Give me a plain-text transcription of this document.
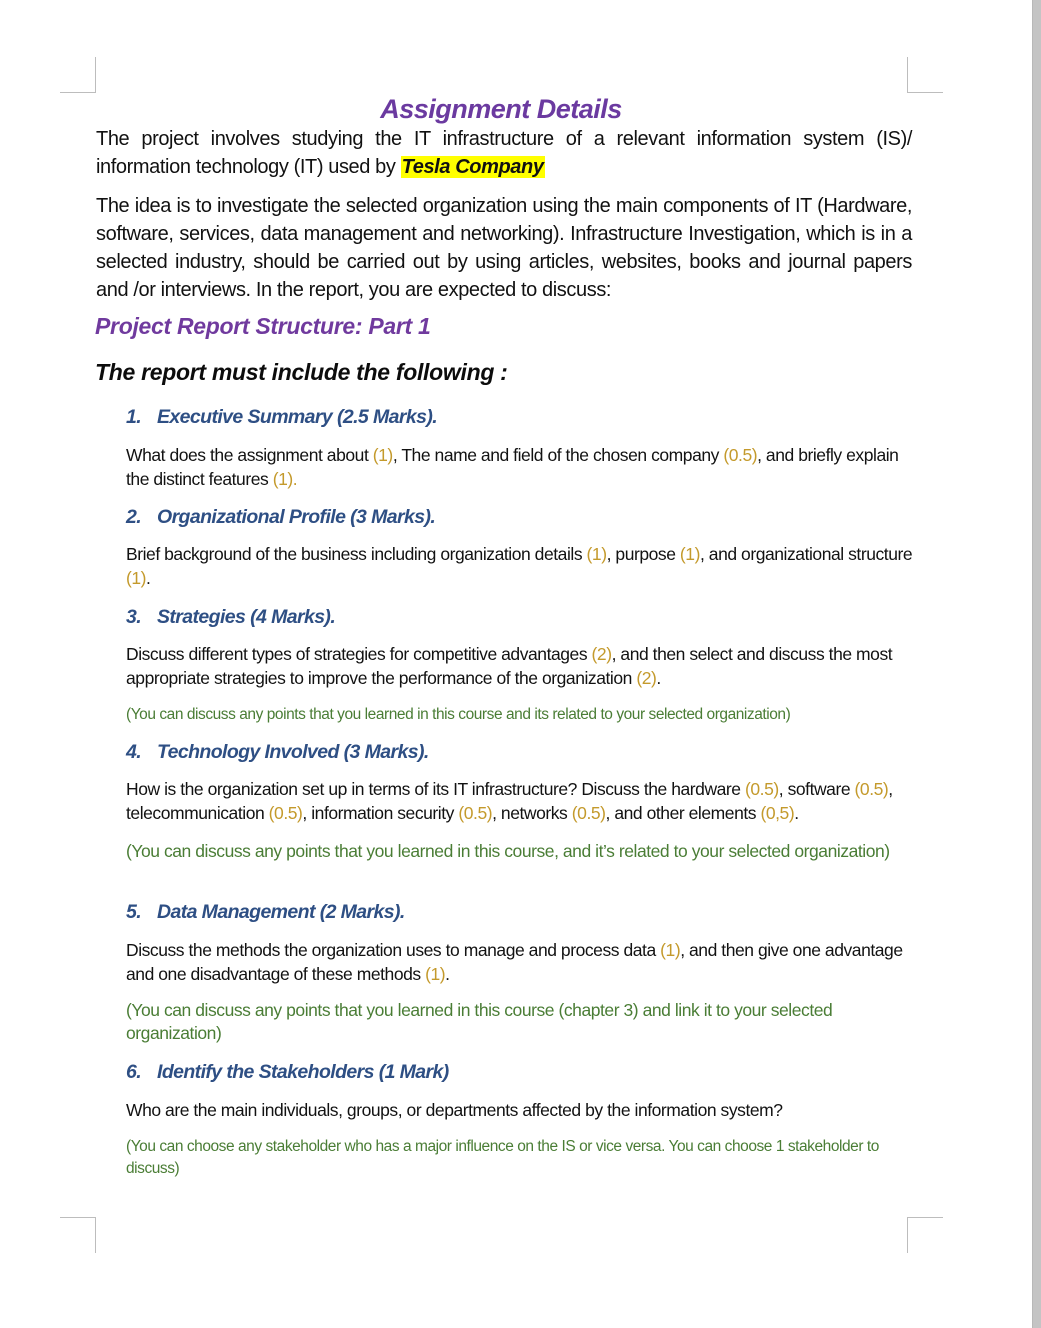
Assignment Details

The project involves studying the IT infrastructure of a relevant information system (IS)/ information technology (IT) used by Tesla Company

The idea is to investigate the selected organization using the main components of IT (Hardware, software, services, data management and networking). Infrastructure Investigation, which is in a selected industry, should be carried out by using articles, websites, books and journal papers and /or interviews. In the report, you are expected to discuss:

Project Report Structure: Part 1
The report must include the following :
1. Executive Summary (2.5 Marks).

What does the assignment about (1), The name and field of the chosen company (0.5), and briefly explain the distinct features (1).

2. Organizational Profile (3 Marks).

Brief background of the business including organization details (1), purpose (1), and organizational structure (1).

3. Strategies (4 Marks).

Discuss different types of strategies for competitive advantages (2), and then select and discuss the most appropriate strategies to improve the performance of the organization (2).

(You can discuss any points that you learned in this course and its related to your selected organization)

4. Technology Involved (3 Marks).

How is the organization set up in terms of its IT infrastructure? Discuss the hardware (0.5), software (0.5), telecommunication (0.5), information security (0.5), networks (0.5), and other elements (0,5).

(You can discuss any points that you learned in this course, and it’s related to your selected organization)

5. Data Management (2 Marks).

Discuss the methods the organization uses to manage and process data (1), and then give one advantage and one disadvantage of these methods (1).

(You can discuss any points that you learned in this course (chapter 3) and link it to your selected organization)

6. Identify the Stakeholders (1 Mark)

Who are the main individuals, groups, or departments affected by the information system?

(You can choose any stakeholder who has a major influence on the IS or vice versa. You can choose 1 stakeholder to discuss)
